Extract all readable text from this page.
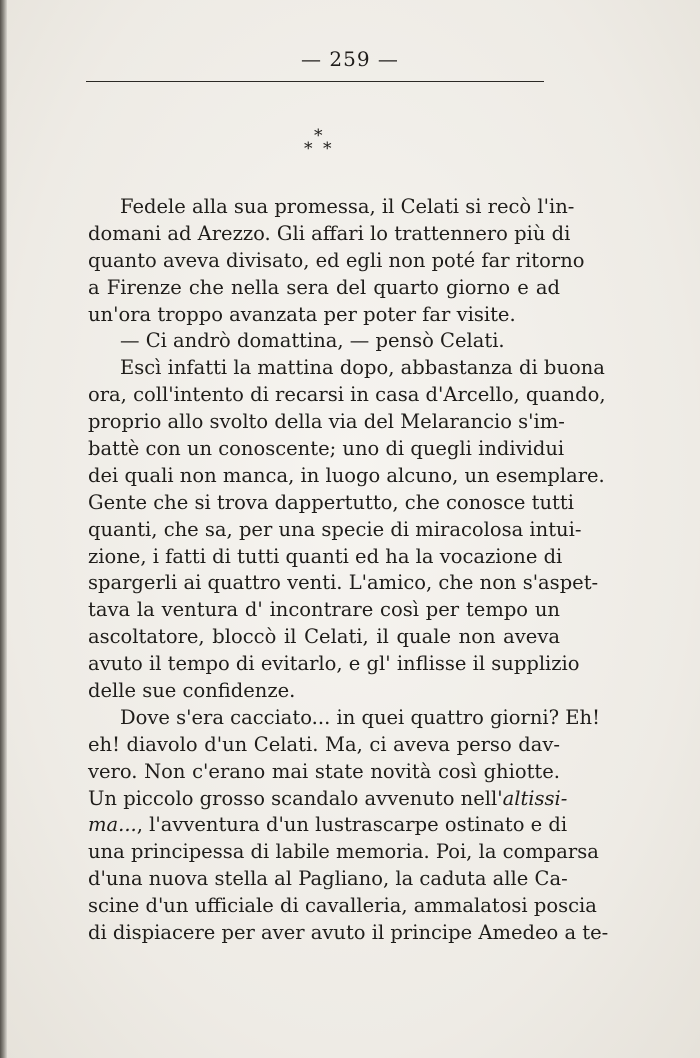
— 259 —
*
* *
Fedele alla sua promessa, il Celati si recò l'in-
domani ad Arezzo. Gli affari lo trattennero più di
quanto aveva divisato, ed egli non poté far ritorno
a Firenze che nella sera del quarto giorno e ad
un'ora troppo avanzata per poter far visite.
— Ci andrò domattina, — pensò Celati.
Escì infatti la mattina dopo, abbastanza di buona
ora, coll'intento di recarsi in casa d'Arcello, quando,
proprio allo svolto della via del Melarancio s'im-
battè con un conoscente; uno di quegli individui
dei quali non manca, in luogo alcuno, un esemplare.
Gente che si trova dappertutto, che conosce tutti
quanti, che sa, per una specie di miracolosa intui-
zione, i fatti di tutti quanti ed ha la vocazione di
spargerli ai quattro venti. L'amico, che non s'aspet-
tava la ventura d' incontrare così per tempo un
ascoltatore, bloccò il Celati, il quale non aveva
avuto il tempo di evitarlo, e gl' inflisse il supplizio
delle sue confidenze.
Dove s'era cacciato... in quei quattro giorni? Eh!
eh! diavolo d'un Celati. Ma, ci aveva perso dav-
vero. Non c'erano mai state novità così ghiotte.
Un piccolo grosso scandalo avvenuto nell'altissi-
ma..., l'avventura d'un lustrascarpe ostinato e di
una principessa di labile memoria. Poi, la comparsa
d'una nuova stella al Pagliano, la caduta alle Ca-
scine d'un ufficiale di cavalleria, ammalatosi poscia
di dispiacere per aver avuto il principe Amedeo a te-
